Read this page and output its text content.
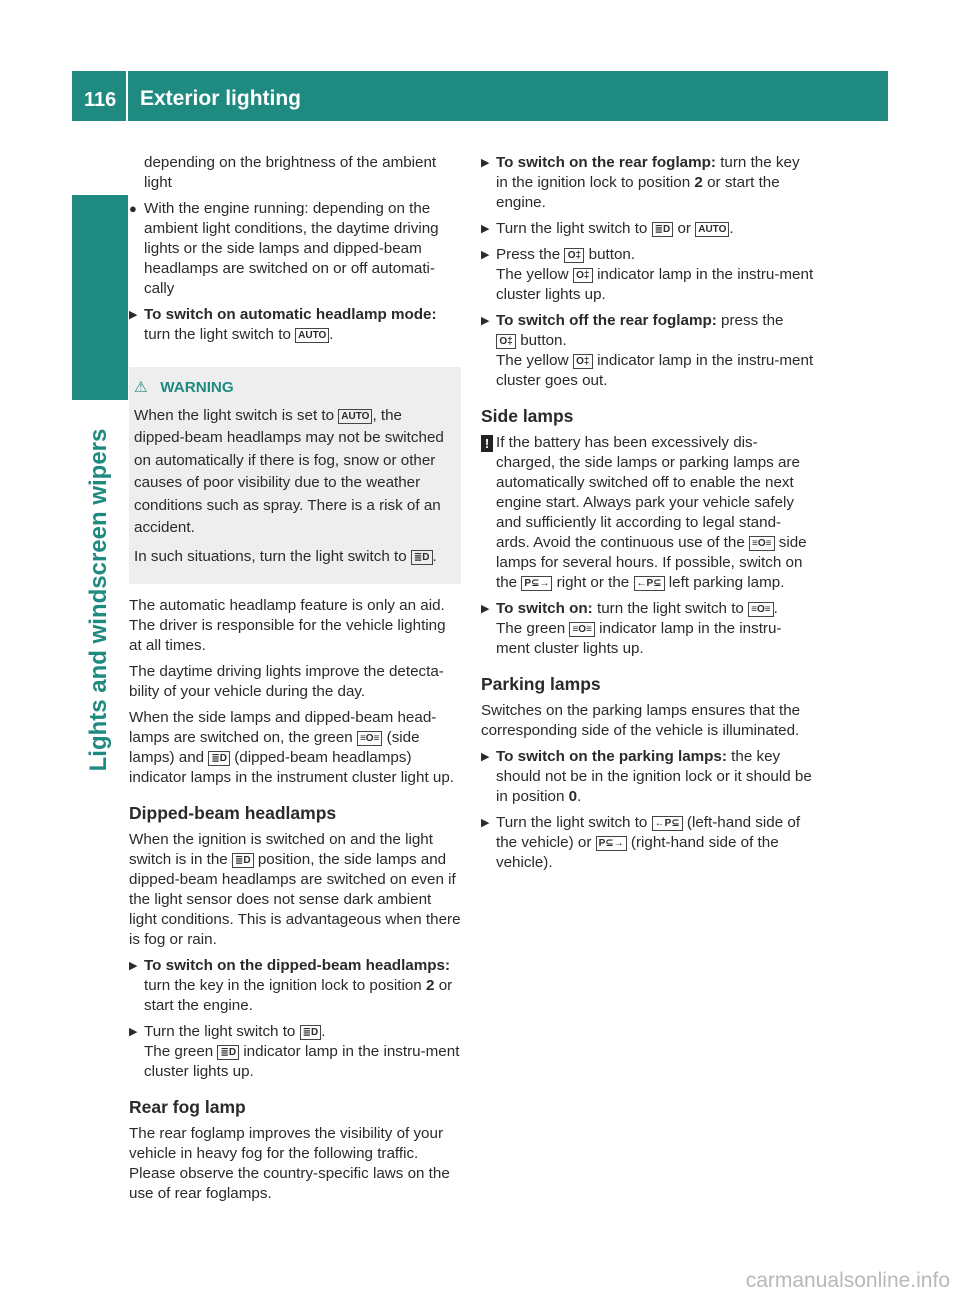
116 Exterior lighting
Lights and windscreen wipers

depending on the brightness of the ambient light

● With the engine running: depending on the ambient light conditions, the daytime driving lights or the side lamps and dipped-beam headlamps are switched on or off automati-cally
▶ To switch on automatic headlamp mode: turn the light switch to AUTO .
⚠ WARNING

When the light switch is set to AUTO , the dipped-beam headlamps may not be switched on automatically if there is fog, snow or other causes of poor visibility due to the weather conditions such as spray. There is a risk of an accident.

In such situations, turn the light switch to ≣D .

The automatic headlamp feature is only an aid. The driver is responsible for the vehicle lighting at all times.

The daytime driving lights improve the detecta-bility of your vehicle during the day.

When the side lamps and dipped-beam head-lamps are switched on, the green ≡O≡ (side lamps) and ≣D (dipped-beam headlamps) indicator lamps in the instrument cluster light up.

Dipped-beam headlamps

When the ignition is switched on and the light switch is in the ≣D position, the side lamps and dipped-beam headlamps are switched on even if the light sensor does not sense dark ambient light conditions. This is advantageous when there is fog or rain.

▶ To switch on the dipped-beam headlamps: turn the key in the ignition lock to position 2 or start the engine.
▶ Turn the light switch to ≣D .
The green ≣D indicator lamp in the instru-ment cluster lights up.
Rear fog lamp

The rear foglamp improves the visibility of your vehicle in heavy fog for the following traffic. Please observe the country-specific laws on the use of rear foglamps.

▶ To switch on the rear foglamp: turn the key in the ignition lock to position 2 or start the engine.
▶ Turn the light switch to ≣D or AUTO .
▶ Press the O‡ button.
The yellow O‡ indicator lamp in the instru-ment cluster lights up.
▶ To switch off the rear foglamp: press the
O‡ button.
The yellow O‡ indicator lamp in the instru-ment cluster goes out.
Side lamps
! If the battery has been excessively dis-charged, the side lamps or parking lamps are automatically switched off to enable the next engine start. Always park your vehicle safely and sufficiently lit according to legal stand-ards. Avoid the continuous use of the ≡O≡ side lamps for several hours. If possible, switch on the P⊆→ right or the ←P⊆ left parking lamp.
▶ To switch on: turn the light switch to ≡O≡ .
The green ≡O≡ indicator lamp in the instru-ment cluster lights up.
Parking lamps

Switches on the parking lamps ensures that the corresponding side of the vehicle is illuminated.

▶ To switch on the parking lamps: the key should not be in the ignition lock or it should be in position 0.
▶ Turn the light switch to ←P⊆ (left-hand side of the vehicle) or P⊆→ (right-hand side of the vehicle).
carmanualsonline.info
